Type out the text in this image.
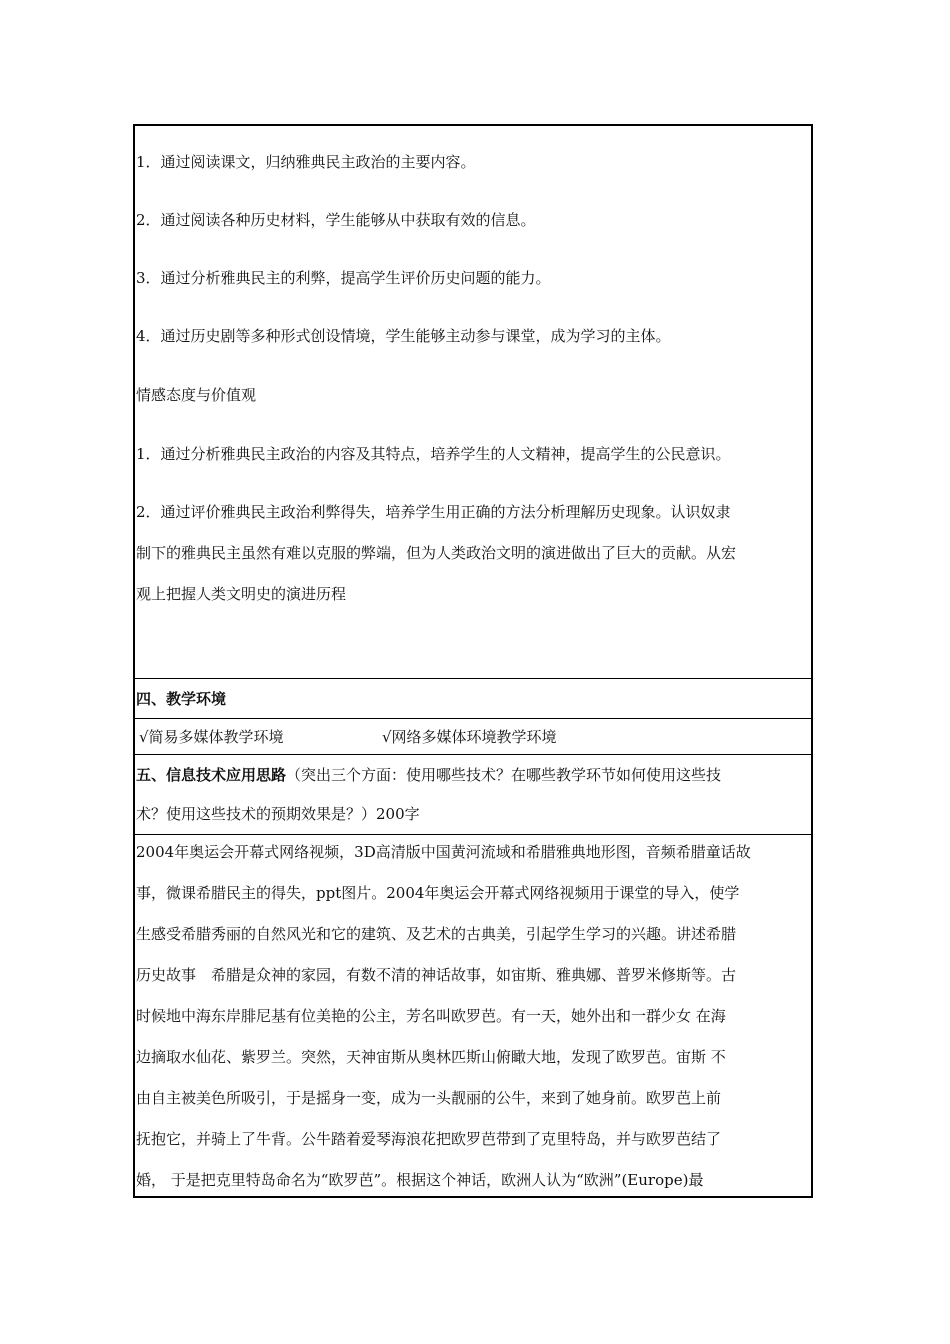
1．通过阅读课文，归纳雅典民主政治的主要内容。
2．通过阅读各种历史材料，学生能够从中获取有效的信息。
3．通过分析雅典民主的利弊，提高学生评价历史问题的能力。
4．通过历史剧等多种形式创设情境，学生能够主动参与课堂，成为学习的主体。
情感态度与价值观
1．通过分析雅典民主政治的内容及其特点，培养学生的人文精神，提高学生的公民意识。
2．通过评价雅典民主政治利弊得失，培养学生用正确的方法分析理解历史现象。认识奴隶
制下的雅典民主虽然有难以克服的弊端，但为人类政治文明的演进做出了巨大的贡献。从宏
观上把握人类文明史的演进历程
四、教学环境
√简易多媒体教学环境	√网络多媒体环境教学环境
五、信息技术应用思路（突出三个方面：使用哪些技术？在哪些教学环节如何使用这些技
术？使用这些技术的预期效果是？）200字
2004年奥运会开幕式网络视频，3D高清版中国黄河流域和希腊雅典地形图，音频希腊童话故
事，微课希腊民主的得失，ppt图片。2004年奥运会开幕式网络视频用于课堂的导入，使学
生感受希腊秀丽的自然风光和它的建筑、及艺术的古典美，引起学生学习的兴趣。讲述希腊
历史故事　希腊是众神的家园，有数不清的神话故事，如宙斯、雅典娜、普罗米修斯等。古
时候地中海东岸腓尼基有位美艳的公主，芳名叫欧罗芭。有一天，她外出和一群少女 在海
边摘取水仙花、紫罗兰。突然，天神宙斯从奥林匹斯山俯瞰大地，发现了欧罗芭。宙斯 不
由自主被美色所吸引，于是摇身一变，成为一头靓丽的公牛，来到了她身前。欧罗芭上前
抚抱它，并骑上了牛背。公牛踏着爱琴海浪花把欧罗芭带到了克里特岛，并与欧罗芭结了
婚， 于是把克里特岛命名为“欧罗芭”。根据这个神话，欧洲人认为“欧洲”(Europe)最
